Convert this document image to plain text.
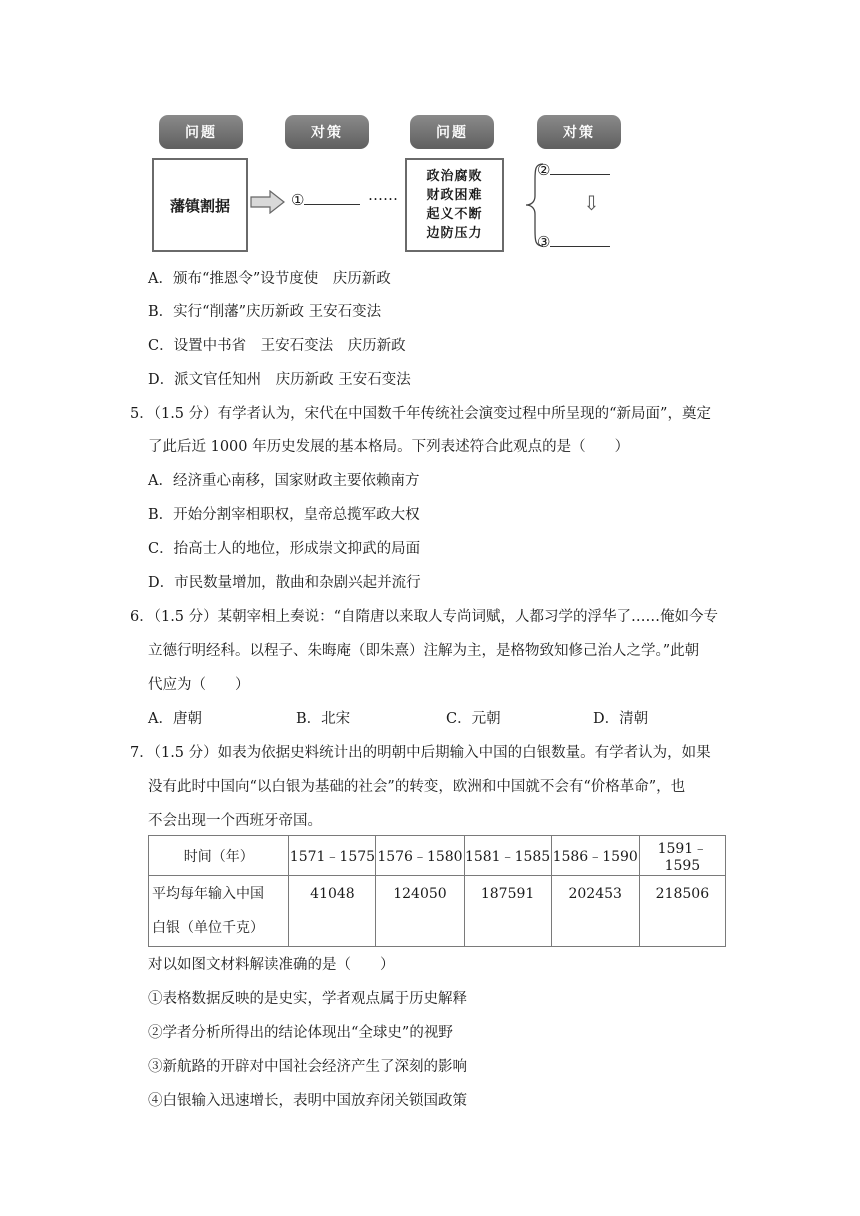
问题	对策	问题	对策
藩镇割据	①	……
政治腐败
财政困难
起义不断
边防压力
②
⇩
③
A．颁布“推恩令”设节度使　庆历新政
B．实行“削藩”庆历新政 王安石变法
C．设置中书省　王安石变法　庆历新政
D．派文官任知州　庆历新政 王安石变法
5．（1.5 分）有学者认为，宋代在中国数千年传统社会演变过程中所呈现的“新局面”，奠定
了此后近 1000 年历史发展的基本格局。下列表述符合此观点的是（　　）
A．经济重心南移，国家财政主要依赖南方
B．开始分割宰相职权，皇帝总揽军政大权
C．抬高士人的地位，形成崇文抑武的局面
D．市民数量增加，散曲和杂剧兴起并流行
6．（1.5 分）某朝宰相上奏说：“自隋唐以来取人专尚词赋，人都习学的浮华了……俺如今专
立德行明经科。以程子、朱晦庵（即朱熹）注解为主，是格物致知修己治人之学。”此朝
代应为（　　）
A．唐朝	B．北宋	C．元朝	D．清朝
7．（1.5 分）如表为依据史料统计出的明朝中后期输入中国的白银数量。有学者认为，如果
没有此时中国向“以白银为基础的社会”的转变，欧洲和中国就不会有“价格革命”，也
不会出现一个西班牙帝国。
时间（年）	1571﹣1575	1576﹣1580	1581﹣1585	1586﹣1590	1591﹣1595

平均每年输入中国
白银（单位千克）	41048	124050	187591	202453	218506
对以如图文材料解读准确的是（　　）
①表格数据反映的是史实，学者观点属于历史解释
②学者分析所得出的结论体现出“全球史”的视野
③新航路的开辟对中国社会经济产生了深刻的影响
④白银输入迅速增长，表明中国放弃闭关锁国政策
